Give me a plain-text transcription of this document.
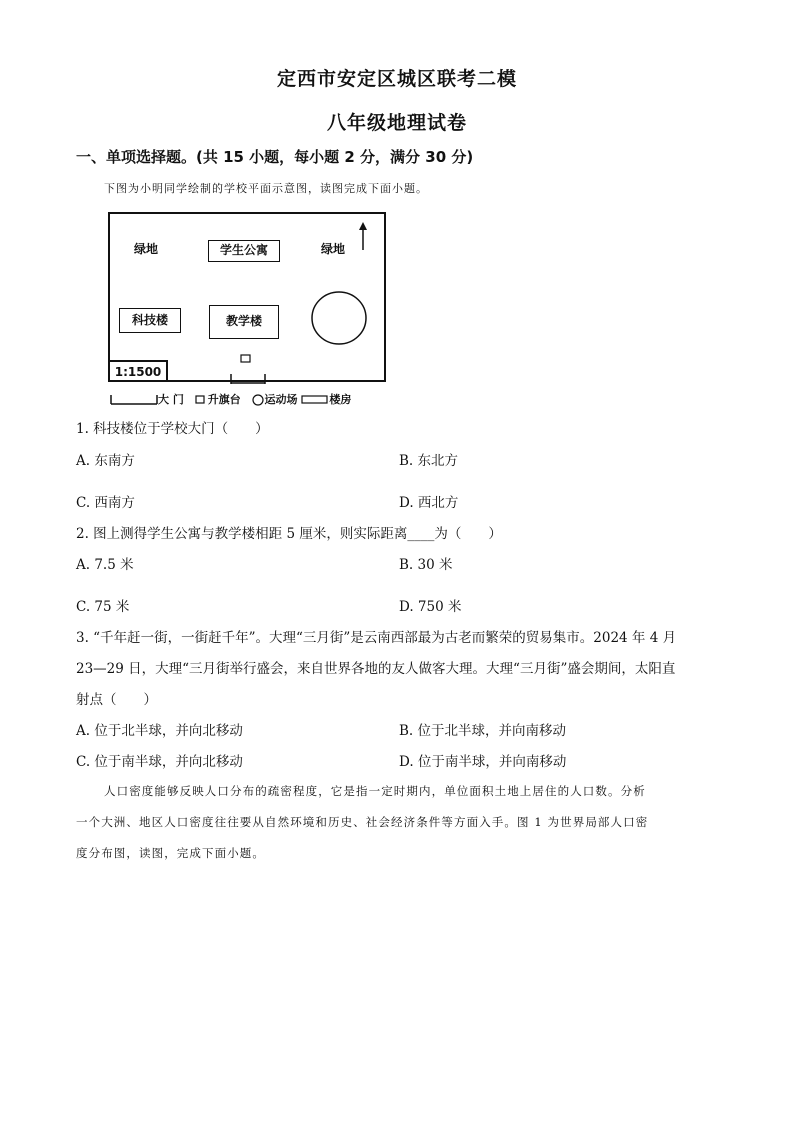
定西市安定区城区联考二模
八年级地理试卷
一、单项选择题。(共 15 小题，每小题 2 分，满分 30 分)
下图为小明同学绘制的学校平面示意图，读图完成下面小题。
绿地	学生公寓	绿地
科技楼	教学楼
1:1500
大 门 升旗台 运动场	楼房
1. 科技楼位于学校大门（　　）
A. 东南方	B. 东北方
C. 西南方	D. 西北方
2. 图上测得学生公寓与教学楼相距 5 厘米，则实际距离____为（　　）
A. 7.5 米	B. 30 米
C. 75 米	D. 750 米
3. “千年赶一街，一街赶千年”。大理“三月街”是云南西部最为古老而繁荣的贸易集市。2024 年 4 月
23—29 日，大理“三月街举行盛会，来自世界各地的友人做客大理。大理“三月街”盛会期间，太阳直
射点（　　）
A. 位于北半球，并向北移动	B. 位于北半球，并向南移动
C. 位于南半球，并向北移动	D. 位于南半球，并向南移动
人口密度能够反映人口分布的疏密程度，它是指一定时期内，单位面积土地上居住的人口数。分析
一个大洲、地区人口密度往往要从自然环境和历史、社会经济条件等方面入手。图 1 为世界局部人口密
度分布图，读图，完成下面小题。
